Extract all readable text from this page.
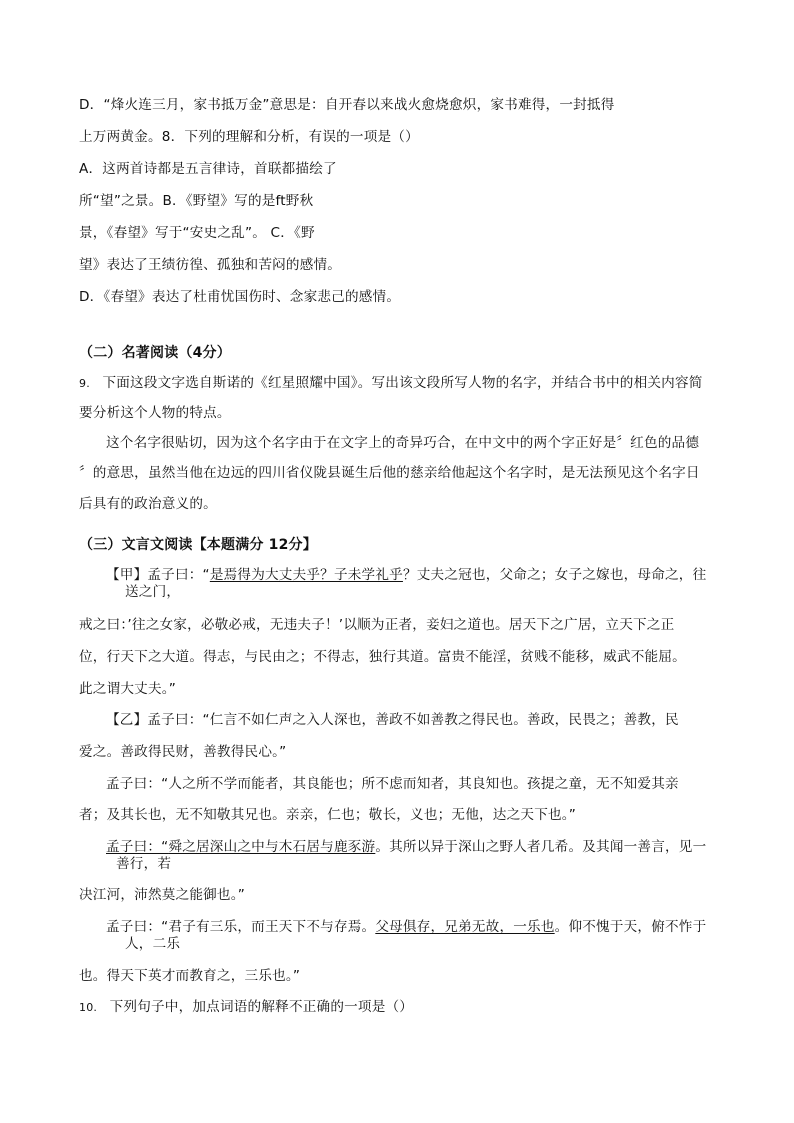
D．“烽火连三月，家书抵万金”意思是：自开春以来战火愈烧愈炽，家书难得，一封抵得
上万两黄金。8．下列的理解和分析，有误的一项是（）
A．这两首诗都是五言律诗，首联都描绘了
所“望”之景。B．《野望》写的是ft野秋
景，《春望》写于“安史之乱”。 C．《野
望》表达了王绩彷徨、孤独和苦闷的感情。
D．《春望》表达了杜甫忧国伤时、念家悲己的感情。
（二）名著阅读（4分）
9. 下面这段文字选自斯诺的《红星照耀中国》。写出该文段所写人物的名字，并结合书中的相关内容简
要分析这个人物的特点。
这个名字很贴切，因为这个名字由于在文字上的奇异巧合，在中文中的两个字正好是〞红色的品德
〞的意思，虽然当他在边远的四川省仪陇县诞生后他的慈亲给他起这个名字时，是无法预见这个名字日
后具有的政治意义的。
（三）文言文阅读【本题满分 12分】
【甲】孟子曰：“是焉得为大丈夫乎？子未学礼乎？丈夫之冠也，父命之；女子之嫁也，母命之，往
送之门，
戒之曰：’往之女家，必敬必戒，无违夫子！’以顺为正者，妾妇之道也。居天下之广居，立天下之正
位，行天下之大道。得志，与民由之；不得志，独行其道。富贵不能淫，贫贱不能移，威武不能屈。
此之谓大丈夫。”
【乙】孟子曰：“仁言不如仁声之入人深也，善政不如善教之得民也。善政，民畏之；善教，民
爱之。善政得民财，善教得民心。”
孟子曰：“人之所不学而能者，其良能也；所不虑而知者，其良知也。孩提之童，无不知爱其亲
者；及其长也，无不知敬其兄也。亲亲，仁也；敬长，义也；无他，达之天下也。”
孟子曰：“舜之居深山之中与木石居与鹿豕游。其所以异于深山之野人者几希。及其闻一善言，见一
善行，若
决江河，沛然莫之能御也。”
孟子曰：“君子有三乐，而王天下不与存焉。父母俱存，兄弟无故，一乐也。仰不愧于天，俯不怍于
人，二乐
也。得天下英才而教育之，三乐也。”
10. 下列句子中，加点词语的解释不正确的一项是（）
